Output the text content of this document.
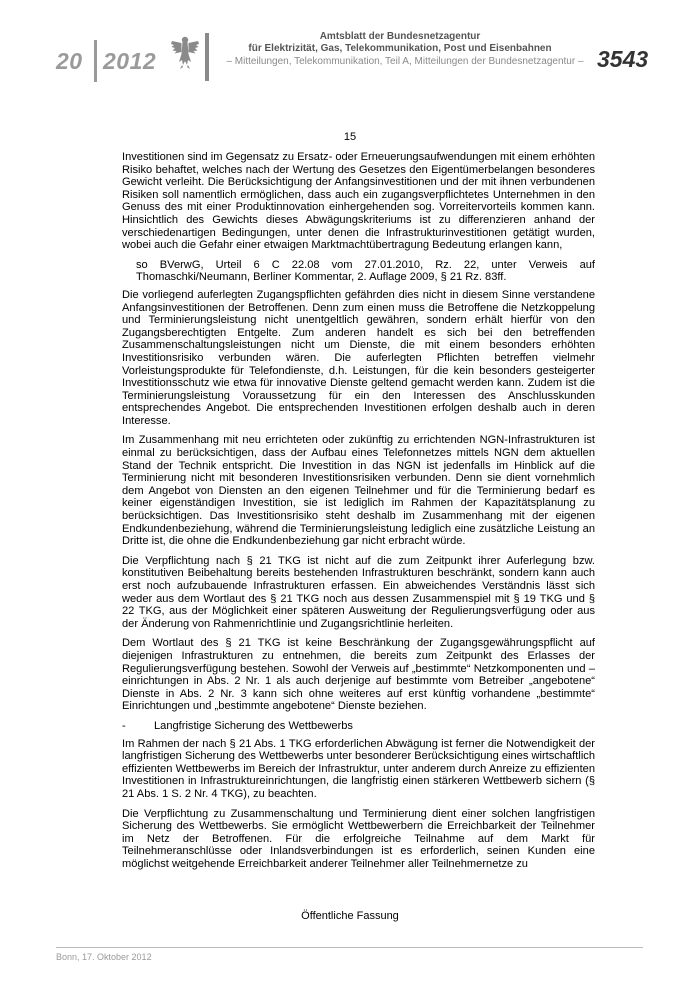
20 2012
Amtsblatt der Bundesnetzagentur
für Elektrizität, Gas, Telekommunikation, Post und Eisenbahnen
– Mitteilungen, Telekommunikation, Teil A, Mitteilungen der Bundesnetzagentur – 3543
15

Investitionen sind im Gegensatz zu Ersatz- oder Erneuerungsaufwendungen mit einem erhöhten Risiko behaftet, welches nach der Wertung des Gesetzes den Eigentümerbelangen besonderes Gewicht verleiht. Die Berücksichtigung der Anfangsinvestitionen und der mit ihnen verbundenen Risiken soll namentlich ermöglichen, dass auch ein zugangsverpflichtetes Unternehmen in den Genuss des mit einer Produktinnovation einhergehenden sog. Vorreitervorteils kommen kann. Hinsichtlich des Gewichts dieses Abwägungskriteriums ist zu differenzieren anhand der verschiedenartigen Bedingungen, unter denen die Infrastrukturinvestitionen getätigt wurden, wobei auch die Gefahr einer etwaigen Marktmachtübertragung Bedeutung erlangen kann,

so BVerwG, Urteil 6 C 22.08 vom 27.01.2010, Rz. 22, unter Verweis auf Thomaschki/Neumann, Berliner Kommentar, 2. Auflage 2009, § 21 Rz. 83ff.

Die vorliegend auferlegten Zugangspflichten gefährden dies nicht in diesem Sinne verstandene Anfangsinvestitionen der Betroffenen. Denn zum einen muss die Betroffene die Netzkoppelung und Terminierungsleistung nicht unentgeltlich gewähren, sondern erhält hierfür von den Zugangsberechtigten Entgelte. Zum anderen handelt es sich bei den betreffenden Zusammenschaltungsleistungen nicht um Dienste, die mit einem besonders erhöhten Investitionsrisiko verbunden wären. Die auferlegten Pflichten betreffen vielmehr Vorleistungsprodukte für Telefondienste, d.h. Leistungen, für die kein besonders gesteigerter Investitionsschutz wie etwa für innovative Dienste geltend gemacht werden kann. Zudem ist die Terminierungsleistung Voraussetzung für ein den Interessen des Anschlusskunden entsprechendes Angebot. Die entsprechenden Investitionen erfolgen deshalb auch in deren Interesse.

Im Zusammenhang mit neu errichteten oder zukünftig zu errichtenden NGN-Infrastrukturen ist einmal zu berücksichtigen, dass der Aufbau eines Telefonnetzes mittels NGN dem aktuellen Stand der Technik entspricht. Die Investition in das NGN ist jedenfalls im Hinblick auf die Terminierung nicht mit besonderen Investitionsrisiken verbunden. Denn sie dient vornehmlich dem Angebot von Diensten an den eigenen Teilnehmer und für die Terminierung bedarf es keiner eigenständigen Investition, sie ist lediglich im Rahmen der Kapazitätsplanung zu berücksichtigen. Das Investitionsrisiko steht deshalb im Zusammenhang mit der eigenen Endkundenbeziehung, während die Terminierungsleistung lediglich eine zusätzliche Leistung an Dritte ist, die ohne die Endkundenbeziehung gar nicht erbracht würde.

Die Verpflichtung nach § 21 TKG ist nicht auf die zum Zeitpunkt ihrer Auferlegung bzw. konstitutiven Beibehaltung bereits bestehenden Infrastrukturen beschränkt, sondern kann auch erst noch aufzubauende Infrastrukturen erfassen. Ein abweichendes Verständnis lässt sich weder aus dem Wortlaut des § 21 TKG noch aus dessen Zusammenspiel mit § 19 TKG und § 22 TKG, aus der Möglichkeit einer späteren Ausweitung der Regulierungsverfügung oder aus der Änderung von Rahmenrichtlinie und Zugangsrichtlinie herleiten.

Dem Wortlaut des § 21 TKG ist keine Beschränkung der Zugangsgewährungspflicht auf diejenigen Infrastrukturen zu entnehmen, die bereits zum Zeitpunkt des Erlasses der Regulierungsverfügung bestehen. Sowohl der Verweis auf „bestimmte“ Netzkomponenten und – einrichtungen in Abs. 2 Nr. 1 als auch derjenige auf bestimmte vom Betreiber „angebotene“ Dienste in Abs. 2 Nr. 3 kann sich ohne weiteres auf erst künftig vorhandene „bestimmte“ Einrichtungen und „bestimmte angebotene“ Dienste beziehen.

-	Langfristige Sicherung des Wettbewerbs

Im Rahmen der nach § 21 Abs. 1 TKG erforderlichen Abwägung ist ferner die Notwendigkeit der langfristigen Sicherung des Wettbewerbs unter besonderer Berücksichtigung eines wirtschaftlich effizienten Wettbewerbs im Bereich der Infrastruktur, unter anderem durch Anreize zu effizienten Investitionen in Infrastruktureinrichtungen, die langfristig einen stärkeren Wettbewerb sichern (§ 21 Abs. 1 S. 2 Nr. 4 TKG), zu beachten.

Die Verpflichtung zu Zusammenschaltung und Terminierung dient einer solchen langfristigen Sicherung des Wettbewerbs. Sie ermöglicht Wettbewerbern die Erreichbarkeit der Teilnehmer im Netz der Betroffenen. Für die erfolgreiche Teilnahme auf dem Markt für Teilnehmeranschlüsse oder Inlandsverbindungen ist es erforderlich, seinen Kunden eine möglichst weitgehende Erreichbarkeit anderer Teilnehmer aller Teilnehmernetze zu

Öffentliche Fassung
Bonn, 17. Oktober 2012
